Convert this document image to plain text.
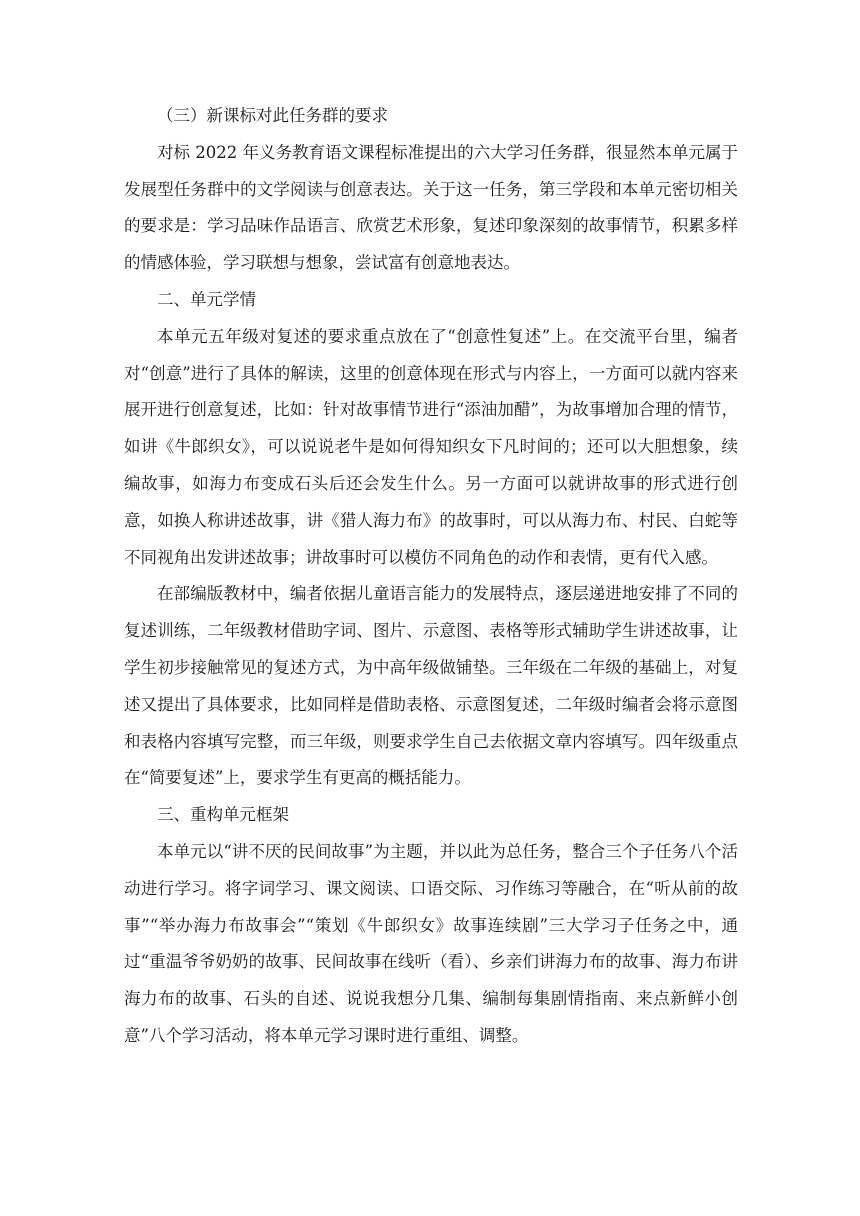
（三）新课标对此任务群的要求

对标 2022 年义务教育语文课程标准提出的六大学习任务群，很显然本单元属于发展型任务群中的文学阅读与创意表达。关于这一任务，第三学段和本单元密切相关的要求是：学习品味作品语言、欣赏艺术形象，复述印象深刻的故事情节，积累多样的情感体验，学习联想与想象，尝试富有创意地表达。

二、单元学情

本单元五年级对复述的要求重点放在了“创意性复述”上。在交流平台里，编者对“创意”进行了具体的解读，这里的创意体现在形式与内容上，一方面可以就内容来展开进行创意复述，比如：针对故事情节进行“添油加醋”，为故事增加合理的情节，如讲《牛郎织女》，可以说说老牛是如何得知织女下凡时间的；还可以大胆想象，续编故事，如海力布变成石头后还会发生什么。另一方面可以就讲故事的形式进行创意，如换人称讲述故事，讲《猎人海力布》的故事时，可以从海力布、村民、白蛇等不同视角出发讲述故事；讲故事时可以模仿不同角色的动作和表情，更有代入感。

在部编版教材中，编者依据儿童语言能力的发展特点，逐层递进地安排了不同的复述训练，二年级教材借助字词、图片、示意图、表格等形式辅助学生讲述故事，让学生初步接触常见的复述方式，为中高年级做铺垫。三年级在二年级的基础上，对复述又提出了具体要求，比如同样是借助表格、示意图复述，二年级时编者会将示意图和表格内容填写完整，而三年级，则要求学生自己去依据文章内容填写。四年级重点在“简要复述”上，要求学生有更高的概括能力。

三、重构单元框架

本单元以“讲不厌的民间故事”为主题，并以此为总任务，整合三个子任务八个活动进行学习。将字词学习、课文阅读、口语交际、习作练习等融合，在“听从前的故事”“举办海力布故事会”“策划《牛郎织女》故事连续剧”三大学习子任务之中，通过“重温爷爷奶奶的故事、民间故事在线听（看）、乡亲们讲海力布的故事、海力布讲海力布的故事、石头的自述、说说我想分几集、编制每集剧情指南、来点新鲜小创意”八个学习活动，将本单元学习课时进行重组、调整。
